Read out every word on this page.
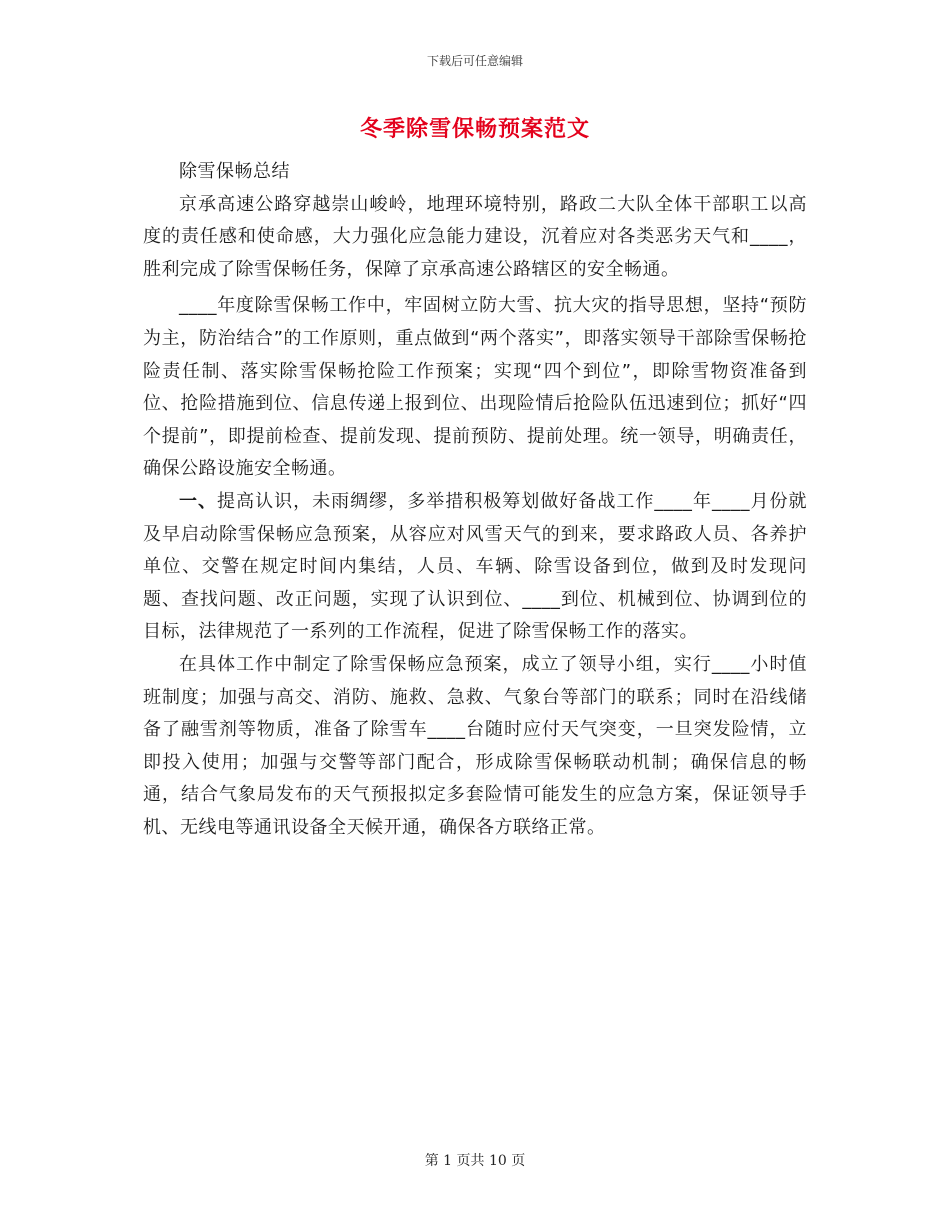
下载后可任意编辑
冬季除雪保畅预案范文

除雪保畅总结

京承高速公路穿越崇山峻岭，地理环境特别，路政二大队全体干部职工以高度的责任感和使命感，大力强化应急能力建设，沉着应对各类恶劣天气和____，胜利完成了除雪保畅任务，保障了京承高速公路辖区的安全畅通。

____年度除雪保畅工作中，牢固树立防大雪、抗大灾的指导思想，坚持“预防为主，防治结合”的工作原则，重点做到“两个落实”，即落实领导干部除雪保畅抢险责任制、落实除雪保畅抢险工作预案；实现“四个到位”，即除雪物资准备到位、抢险措施到位、信息传递上报到位、出现险情后抢险队伍迅速到位；抓好“四个提前”，即提前检查、提前发现、提前预防、提前处理。统一领导，明确责任，确保公路设施安全畅通。

一、提高认识，未雨绸缪，多举措积极筹划做好备战工作____年____月份就及早启动除雪保畅应急预案，从容应对风雪天气的到来，要求路政人员、各养护单位、交警在规定时间内集结，人员、车辆、除雪设备到位，做到及时发现问题、查找问题、改正问题，实现了认识到位、____到位、机械到位、协调到位的目标，法律规范了一系列的工作流程，促进了除雪保畅工作的落实。

在具体工作中制定了除雪保畅应急预案，成立了领导小组，实行____小时值班制度；加强与高交、消防、施救、急救、气象台等部门的联系；同时在沿线储备了融雪剂等物质，准备了除雪车____台随时应付天气突变，一旦突发险情，立即投入使用；加强与交警等部门配合，形成除雪保畅联动机制；确保信息的畅通，结合气象局发布的天气预报拟定多套险情可能发生的应急方案，保证领导手机、无线电等通讯设备全天候开通，确保各方联络正常。

第 1 页共 10 页
